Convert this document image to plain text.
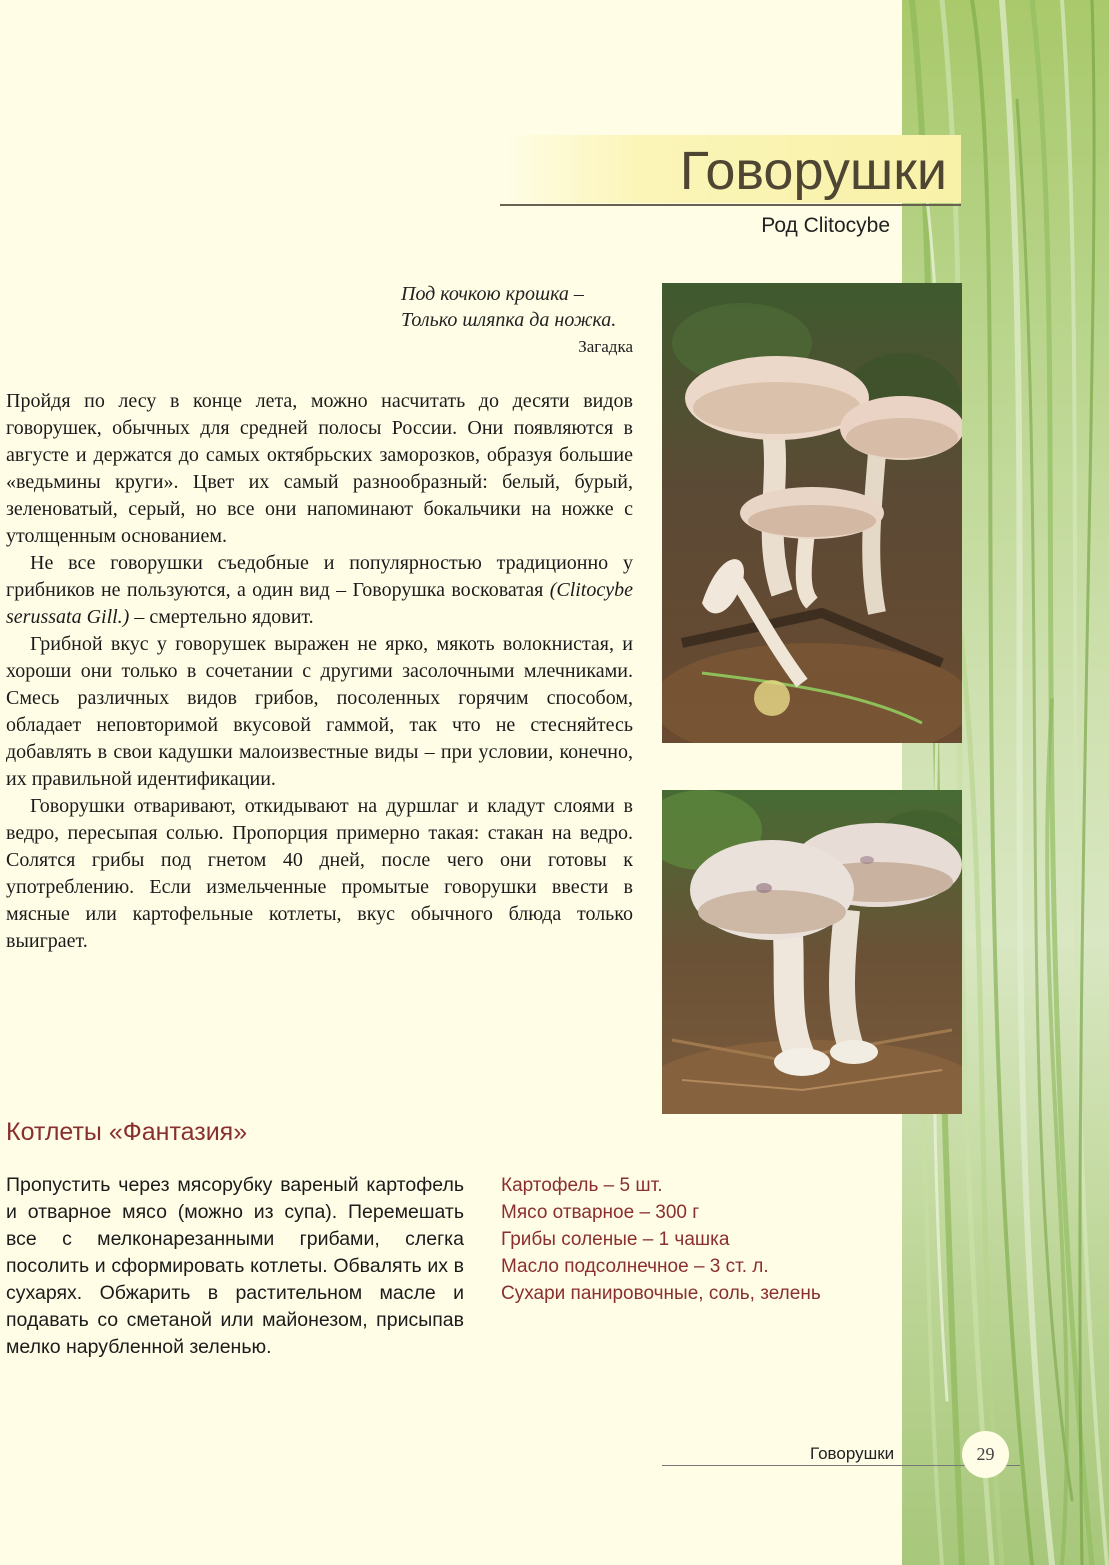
Говорушки
Род Clitocybe
Под кочкою крошка –
Только шляпка да ножка.
Загадка

Пройдя по лесу в конце лета, можно насчитать до десяти видов говорушек, обычных для средней полосы России. Они появляются в августе и держатся до самых октябрьских заморозков, образуя большие «ведьмины круги». Цвет их самый разнообразный: белый, бурый, зеленоватый, серый, но все они напоминают бокальчики на ножке с утолщенным основанием.

Не все говорушки съедобные и популярностью традиционно у грибников не пользуются, а один вид – Говорушка восковатая (Clitocybe serussata Gill.) – смертельно ядовит.

Грибной вкус у говорушек выражен не ярко, мякоть волокнистая, и хороши они только в сочетании с другими засолочными млечниками. Смесь различных видов грибов, посоленных горячим способом, обладает неповторимой вкусовой гаммой, так что не стесняйтесь добавлять в свои кадушки малоизвестные виды – при условии, конечно, их правильной идентификации.

Говорушки отваривают, откидывают на дуршлаг и кладут слоями в ведро, пересыпая солью. Пропорция примерно такая: стакан на ведро. Солятся грибы под гнетом 40 дней, после чего они готовы к употреблению. Если измельченные промытые говорушки ввести в мясные или картофельные котлеты, вкус обычного блюда только выиграет.

Котлеты «Фантазия»
Пропустить через мясорубку вареный картофель и отварное мясо (можно из супа). Перемешать все с мелконарезанными грибами, слегка посолить и сформировать котлеты. Обвалять их в сухарях. Обжарить в растительном масле и подавать со сметаной или майонезом, присыпав мелко нарубленной зеленью.
Картофель – 5 шт.
Мясо отварное – 300 г
Грибы соленые – 1 чашка
Масло подсолнечное – 3 ст. л.
Сухари панировочные, соль, зелень
Говорушки	29
